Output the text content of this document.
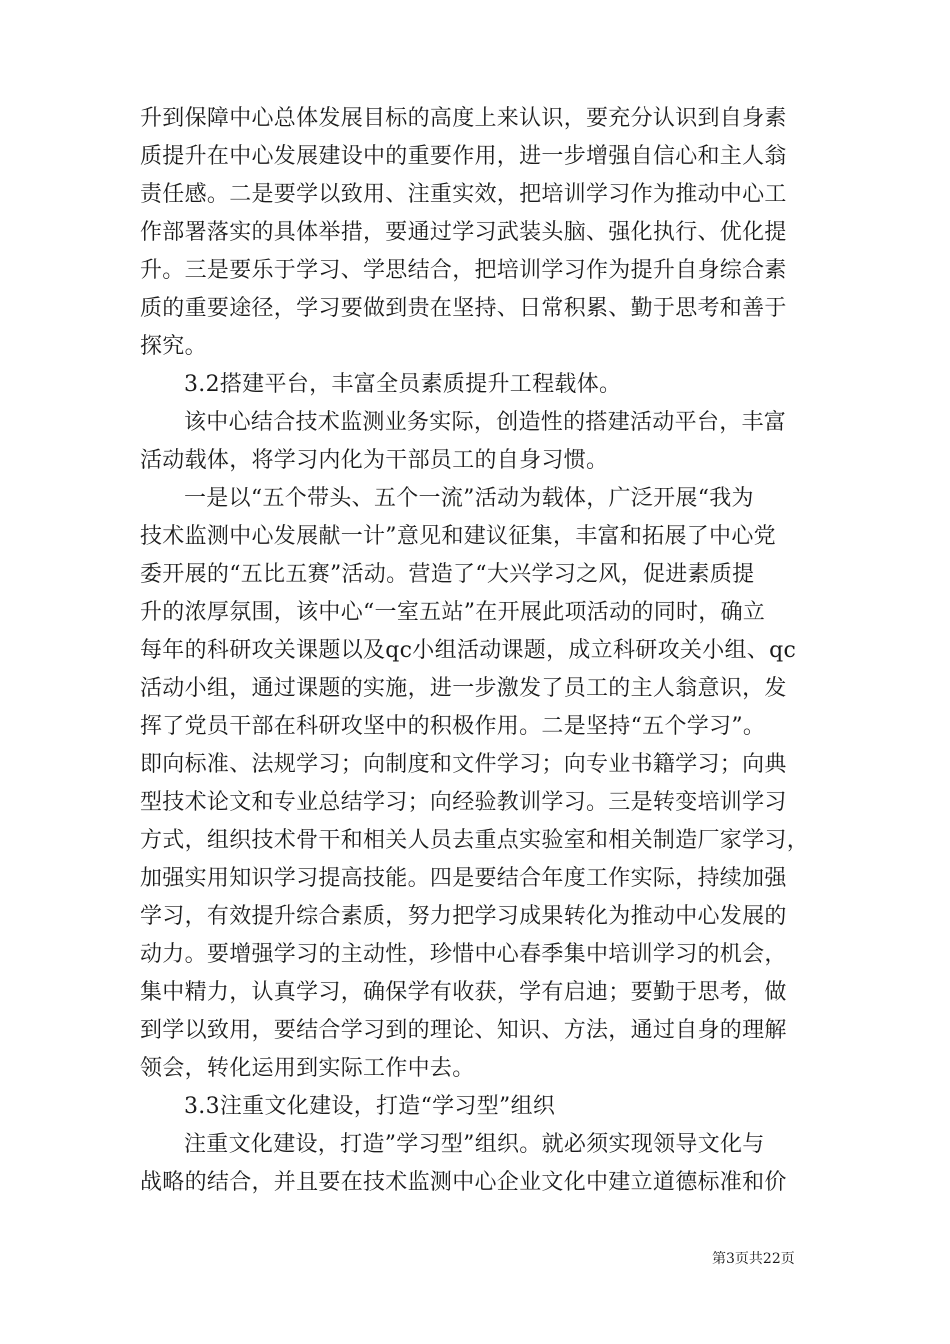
升到保障中心总体发展目标的高度上来认识，要充分认识到自身素
质提升在中心发展建设中的重要作用，进一步增强自信心和主人翁
责任感。二是要学以致用、注重实效，把培训学习作为推动中心工
作部署落实的具体举措，要通过学习武装头脑、强化执行、优化提
升。三是要乐于学习、学思结合，把培训学习作为提升自身综合素
质的重要途径，学习要做到贵在坚持、日常积累、勤于思考和善于
探究。
3.2搭建平台，丰富全员素质提升工程载体。
该中心结合技术监测业务实际，创造性的搭建活动平台，丰富
活动载体，将学习内化为干部员工的自身习惯。
一是以“五个带头、五个一流”活动为载体，广泛开展“我为
技术监测中心发展献一计”意见和建议征集，丰富和拓展了中心党
委开展的“五比五赛”活动。营造了“大兴学习之风，促进素质提
升的浓厚氛围，该中心“一室五站”在开展此项活动的同时，确立
每年的科研攻关课题以及qc小组活动课题，成立科研攻关小组、qc
活动小组，通过课题的实施，进一步激发了员工的主人翁意识，发
挥了党员干部在科研攻坚中的积极作用。二是坚持“五个学习”。
即向标准、法规学习；向制度和文件学习；向专业书籍学习；向典
型技术论文和专业总结学习；向经验教训学习。三是转变培训学习
方式，组织技术骨干和相关人员去重点实验室和相关制造厂家学习，
加强实用知识学习提高技能。四是要结合年度工作实际，持续加强
学习，有效提升综合素质，努力把学习成果转化为推动中心发展的
动力。要增强学习的主动性，珍惜中心春季集中培训学习的机会，
集中精力，认真学习，确保学有收获，学有启迪；要勤于思考，做
到学以致用，要结合学习到的理论、知识、方法，通过自身的理解
领会，转化运用到实际工作中去。
3.3注重文化建设，打造“学习型”组织
注重文化建设，打造”学习型”组织。就必须实现领导文化与
战略的结合，并且要在技术监测中心企业文化中建立道德标准和价
第3页共22页
